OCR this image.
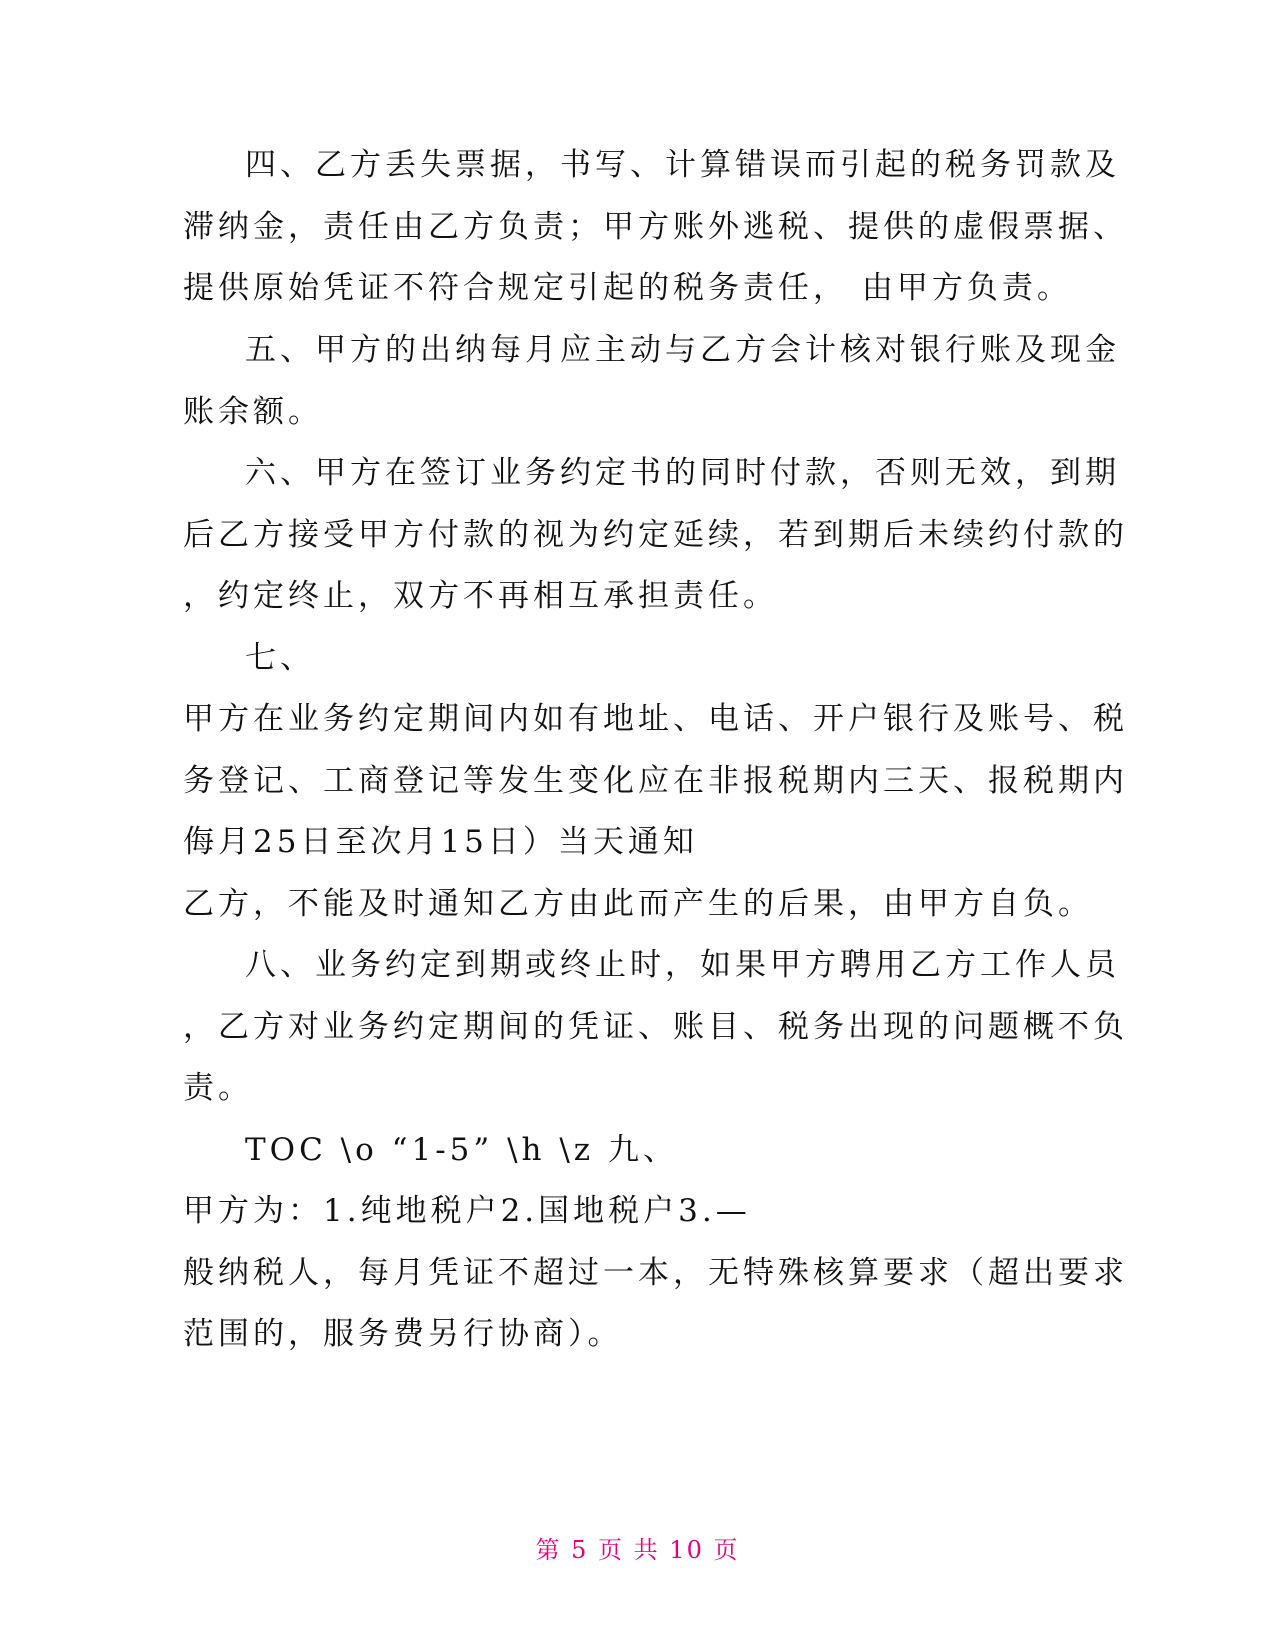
四、乙方丢失票据，书写、计算错误而引起的税务罚款及
滞纳金，责任由乙方负责；甲方账外逃税、提供的虚假票据、
提供原始凭证不符合规定引起的税务责任， 由甲方负责。
五、甲方的出纳每月应主动与乙方会计核对银行账及现金
账余额。
六、甲方在签订业务约定书的同时付款，否则无效，到期
后乙方接受甲方付款的视为约定延续，若到期后未续约付款的
，约定终止，双方不再相互承担责任。
七、
甲方在业务约定期间内如有地址、电话、开户银行及账号、税
务登记、工商登记等发生变化应在非报税期内三天、报税期内
侮月25日至次月15日）当天通知
乙方，不能及时通知乙方由此而产生的后果，由甲方自负。
八、业务约定到期或终止时，如果甲方聘用乙方工作人员
，乙方对业务约定期间的凭证、账目、税务出现的问题概不负
责。
TOC \o “1-5” \h \z 九、
甲方为：1.纯地税户2.国地税户3.—
般纳税人，每月凭证不超过一本，无特殊核算要求（超出要求
范围的，服务费另行协商）。
第 5 页 共 10 页
